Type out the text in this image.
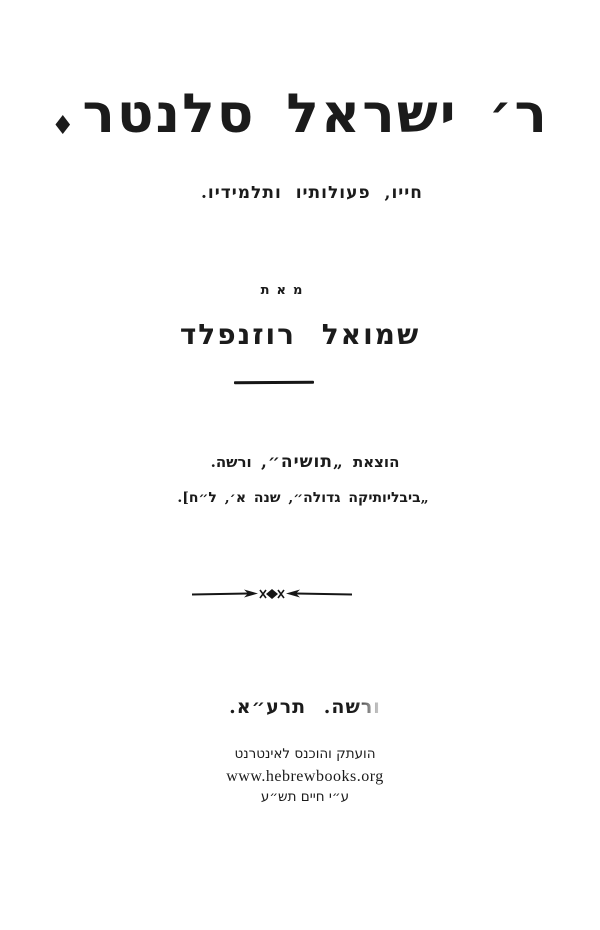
ר׳ ישראל סלנטר♦
חייו, פעולותיו ותלמידיו.
מאת
שמואל רוזנפלד
הוצאת „תושיה״, ורשה.
„ביבליותיקה גדולה״, שנה א׳, ל״ח].
ורשה. תרע״א.
הועתק והוכנס לאינטרנט
www.hebrewbooks.org
ע״י חיים תש״ע
